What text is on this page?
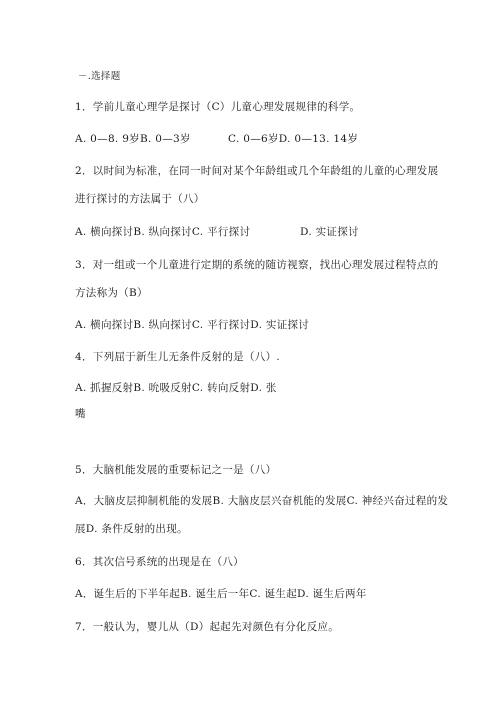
－.选择题
1．学前儿童心理学是探讨（C）儿童心理发展规律的科学。
A. 0—8. 9岁B. 0—3岁	C. 0—6岁D. 0—13. 14岁
2．以时间为标准，在同一时间对某个年龄组或几个年龄组的儿童的心理发展
进行探讨的方法属于（八）
A. 横向探讨B. 纵向探讨C. 平行探讨	D. 实证探讨
3．对一组或一个儿童进行定期的系统的随访视察，找出心理发展过程特点的
方法称为（B）
A. 横向探讨B. 纵向探讨C. 平行探讨D. 实证探讨
4．下列屈于新生儿无条件反射的是（八）.
A. 抓握反射B. 吮吸反射C. 转向反射D. 张
嘴
5．大脑机能发展的重要标记之一是（八）
A．大脑皮层抑制机能的发展B. 大脑皮层兴奋机能的发展C. 神经兴奋过程的发
展D. 条件反射的出现。
6．其次信号系统的出现是在（八）
A．诞生后的下半年起B. 诞生后一年C. 诞生起D. 诞生后两年
7．一般认为，婴儿从（D）起起先对颜色有分化反应。
